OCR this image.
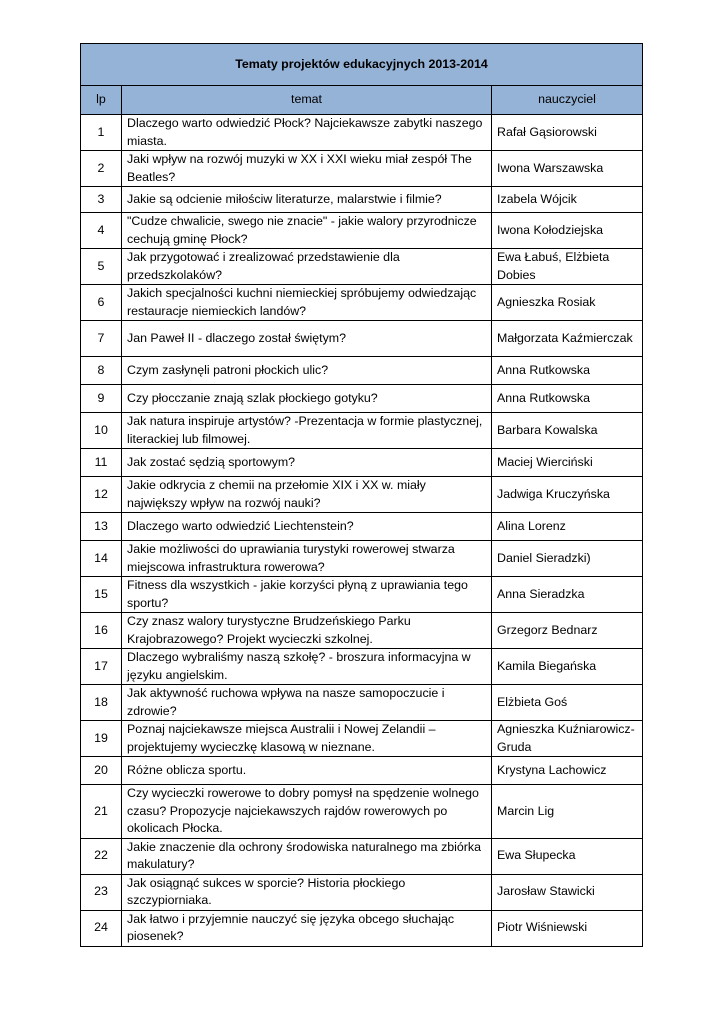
Tematy projektów edukacyjnych 2013-2014		
lp	temat	nauczyciel
1	Dlaczego warto odwiedzić Płock? Najciekawsze zabytki naszego miasta.	Rafał Gąsiorowski
2	Jaki wpływ na rozwój muzyki w XX i XXI wieku miał zespół The Beatles?	Iwona Warszawska
3	Jakie są odcienie miłościw literaturze, malarstwie i filmie?	Izabela Wójcik
4	"Cudze chwalicie, swego nie znacie" - jakie walory przyrodnicze cechują gminę Płock?	Iwona Kołodziejska
5	Jak przygotować i zrealizować przedstawienie dla przedszkolaków?	Ewa Łabuś, Elżbieta Dobies
6	Jakich specjalności kuchni niemieckiej spróbujemy odwiedzając restauracje niemieckich landów?	Agnieszka Rosiak
7	Jan Paweł II - dlaczego został świętym?	Małgorzata Kaźmierczak
8	Czym zasłynęli patroni płockich ulic?	Anna Rutkowska
9	Czy płocczanie znają szlak płockiego gotyku?	Anna Rutkowska
10	Jak natura inspiruje artystów? -Prezentacja w formie plastycznej, literackiej lub filmowej.	Barbara Kowalska
11	Jak zostać sędzią sportowym?	Maciej Wierciński
12	Jakie odkrycia z chemii na przełomie XIX i XX w. miały największy wpływ na rozwój nauki?	Jadwiga Kruczyńska
13	Dlaczego warto odwiedzić Liechtenstein?	Alina Lorenz
14	Jakie możliwości do uprawiania turystyki rowerowej stwarza miejscowa infrastruktura rowerowa?	Daniel Sieradzki)
15	Fitness dla wszystkich - jakie korzyści płyną z uprawiania tego sportu?	Anna Sieradzka
16	Czy znasz walory turystyczne Brudzeńskiego Parku Krajobrazowego? Projekt wycieczki szkolnej.	Grzegorz Bednarz
17	Dlaczego wybraliśmy naszą szkołę? - broszura informacyjna w języku angielskim.	Kamila Biegańska
18	Jak aktywność ruchowa wpływa na nasze samopoczucie i zdrowie?	Elżbieta Goś
19	Poznaj najciekawsze miejsca Australii i Nowej Zelandii – projektujemy wycieczkę klasową w nieznane.	Agnieszka Kuźniarowicz-Gruda
20	Różne oblicza sportu.	Krystyna Lachowicz
21	Czy wycieczki rowerowe to dobry pomysł na spędzenie wolnego czasu? Propozycje najciekawszych rajdów rowerowych po okolicach Płocka.	Marcin Lig
22	Jakie znaczenie dla ochrony środowiska naturalnego ma zbiórka makulatury?	Ewa Słupecka
23	Jak osiągnąć sukces w sporcie? Historia płockiego szczypiorniaka.	Jarosław Stawicki
24	Jak łatwo i przyjemnie nauczyć się języka obcego słuchając piosenek?	Piotr Wiśniewski
